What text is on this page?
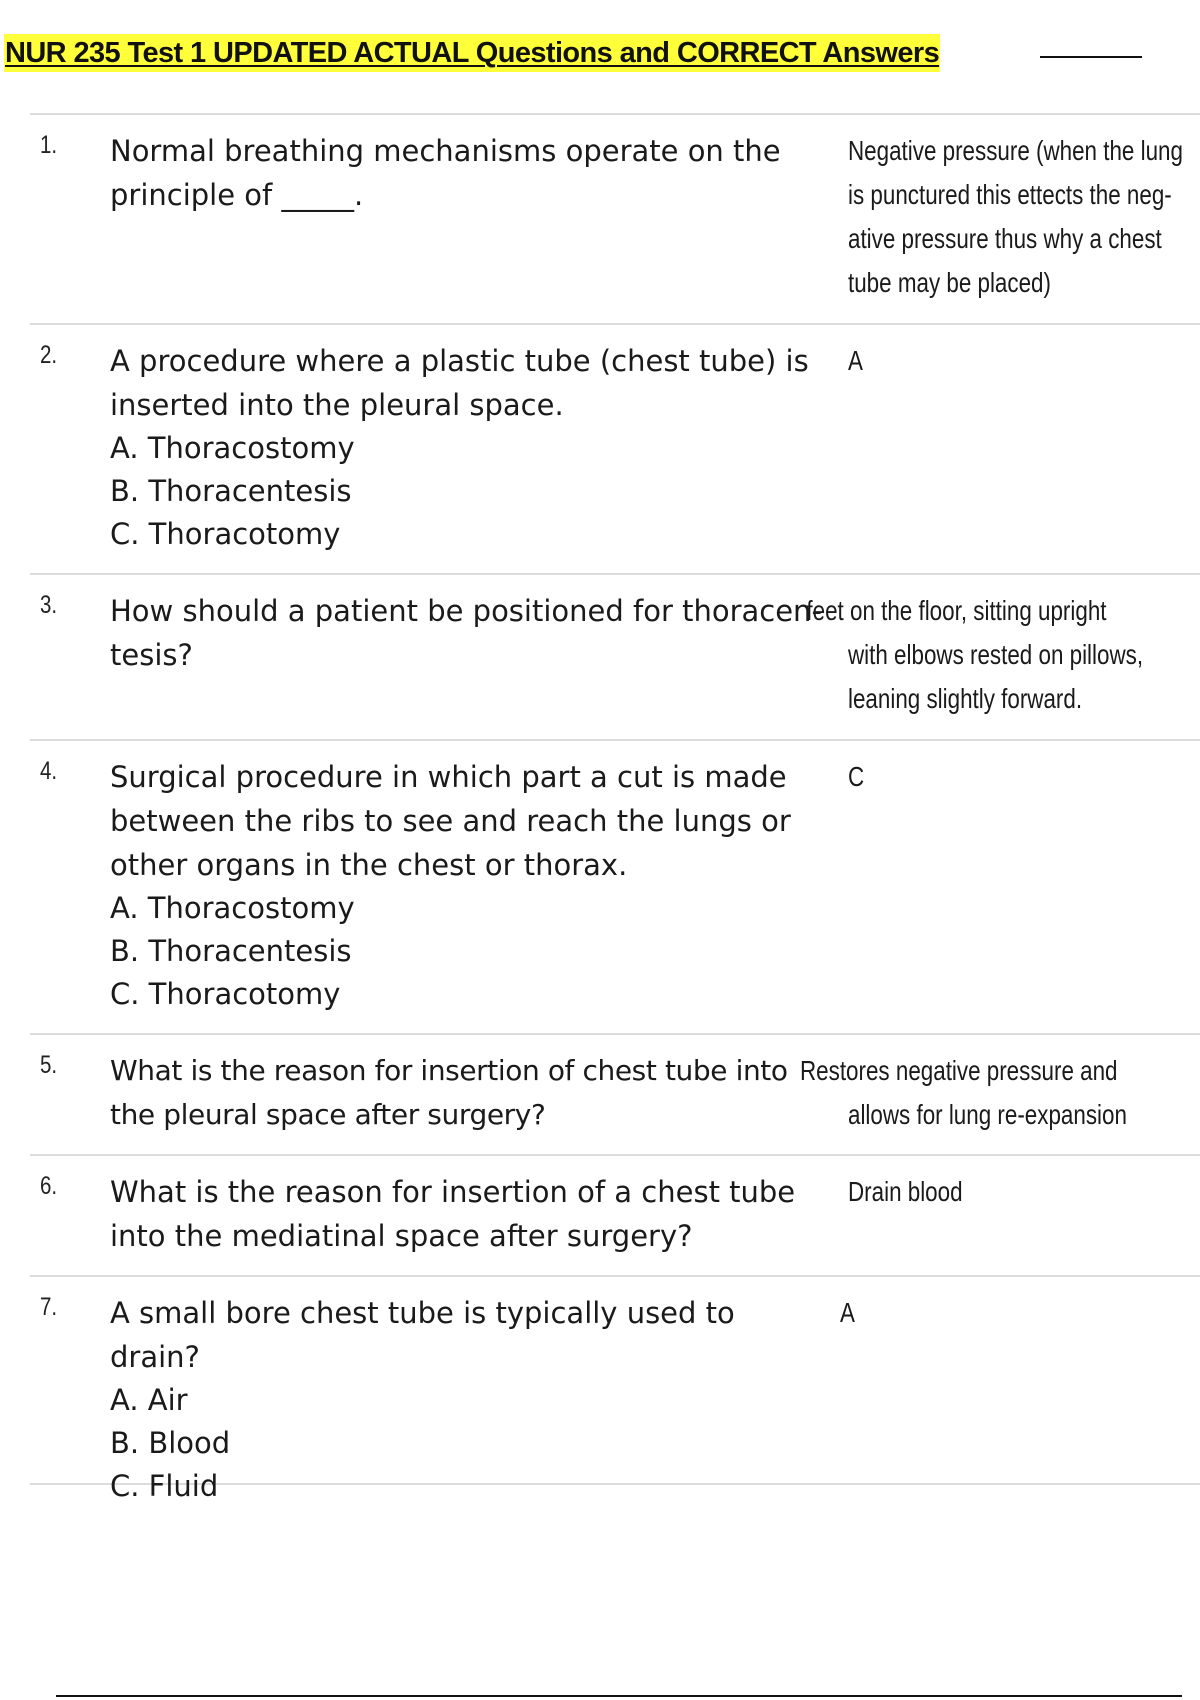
NUR 235 Test 1 UPDATED ACTUAL Questions and CORRECT Answers
1. Normal breathing mechanisms operate on the
principle of _____.
Negative pressure (when the lung
is punctured this ettects the neg-
ative pressure thus why a chest
tube may be placed)
2. A procedure where a plastic tube (chest tube) is
inserted into the pleural space.
A. Thoracostomy
B. Thoracentesis
C. Thoracotomy
A
3. How should a patient be positioned for thoracen-
tesis?
feet on the floor, sitting upright
with elbows rested on pillows,
leaning slightly forward.
4. Surgical procedure in which part a cut is made
between the ribs to see and reach the lungs or
other organs in the chest or thorax.
A. Thoracostomy
B. Thoracentesis
C. Thoracotomy
C
5. What is the reason for insertion of chest tube into
the pleural space after surgery?
Restores negative pressure and
allows for lung re-expansion
6. What is the reason for insertion of a chest tube
into the mediatinal space after surgery?
Drain blood
7. A small bore chest tube is typically used to drain?
A. Air
B. Blood
C. Fluid
A
